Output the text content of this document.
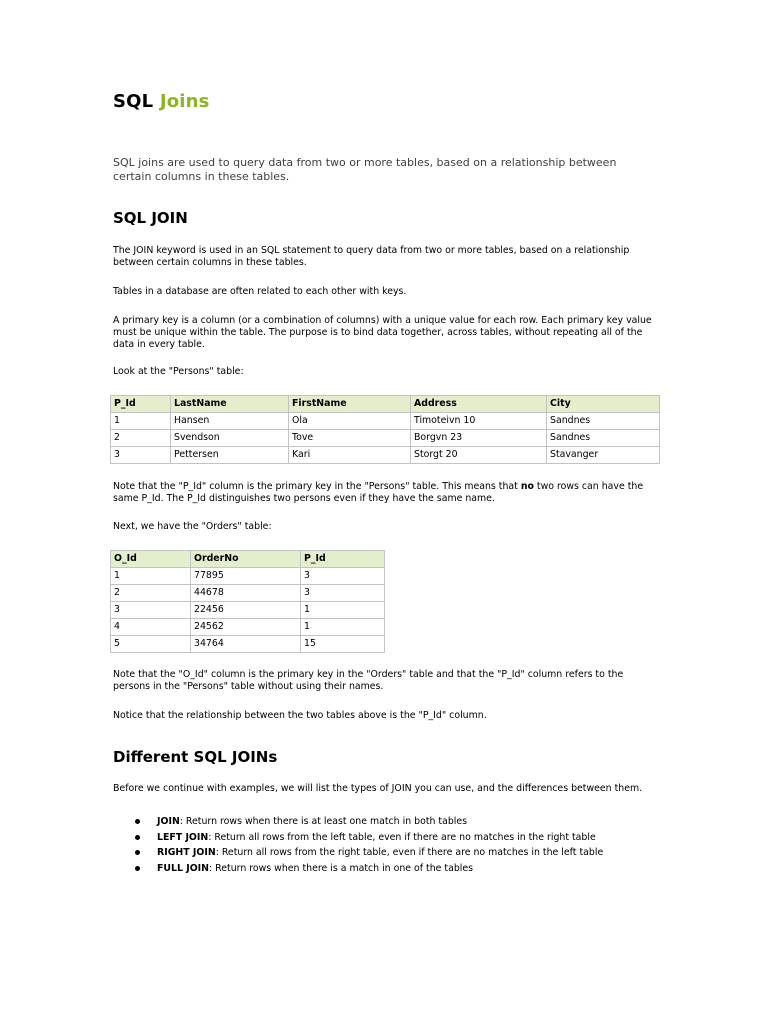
SQL Joins

SQL joins are used to query data from two or more tables, based on a relationship between certain columns in these tables.

SQL JOIN

The JOIN keyword is used in an SQL statement to query data from two or more tables, based on a relationship between certain columns in these tables.

Tables in a database are often related to each other with keys.

A primary key is a column (or a combination of columns) with a unique value for each row. Each primary key value must be unique within the table. The purpose is to bind data together, across tables, without repeating all of the data in every table.

Look at the "Persons" table:

P_Id	LastName	FirstName	Address	City
1	Hansen	Ola	Timoteivn 10	Sandnes
2	Svendson	Tove	Borgvn 23	Sandnes
3	Pettersen	Kari	Storgt 20	Stavanger

Note that the "P_Id" column is the primary key in the "Persons" table. This means that no two rows can have the same P_Id. The P_Id distinguishes two persons even if they have the same name.

Next, we have the "Orders" table:

O_Id	OrderNo	P_Id
1	77895	3
2	44678	3
3	22456	1
4	24562	1
5	34764	15

Note that the "O_Id" column is the primary key in the "Orders" table and that the "P_Id" column refers to the persons in the "Persons" table without using their names.

Notice that the relationship between the two tables above is the "P_Id" column.

Different SQL JOINs

Before we continue with examples, we will list the types of JOIN you can use, and the differences between them.

JOIN: Return rows when there is at least one match in both tables
LEFT JOIN: Return all rows from the left table, even if there are no matches in the right table
RIGHT JOIN: Return all rows from the right table, even if there are no matches in the left table
FULL JOIN: Return rows when there is a match in one of the tables
